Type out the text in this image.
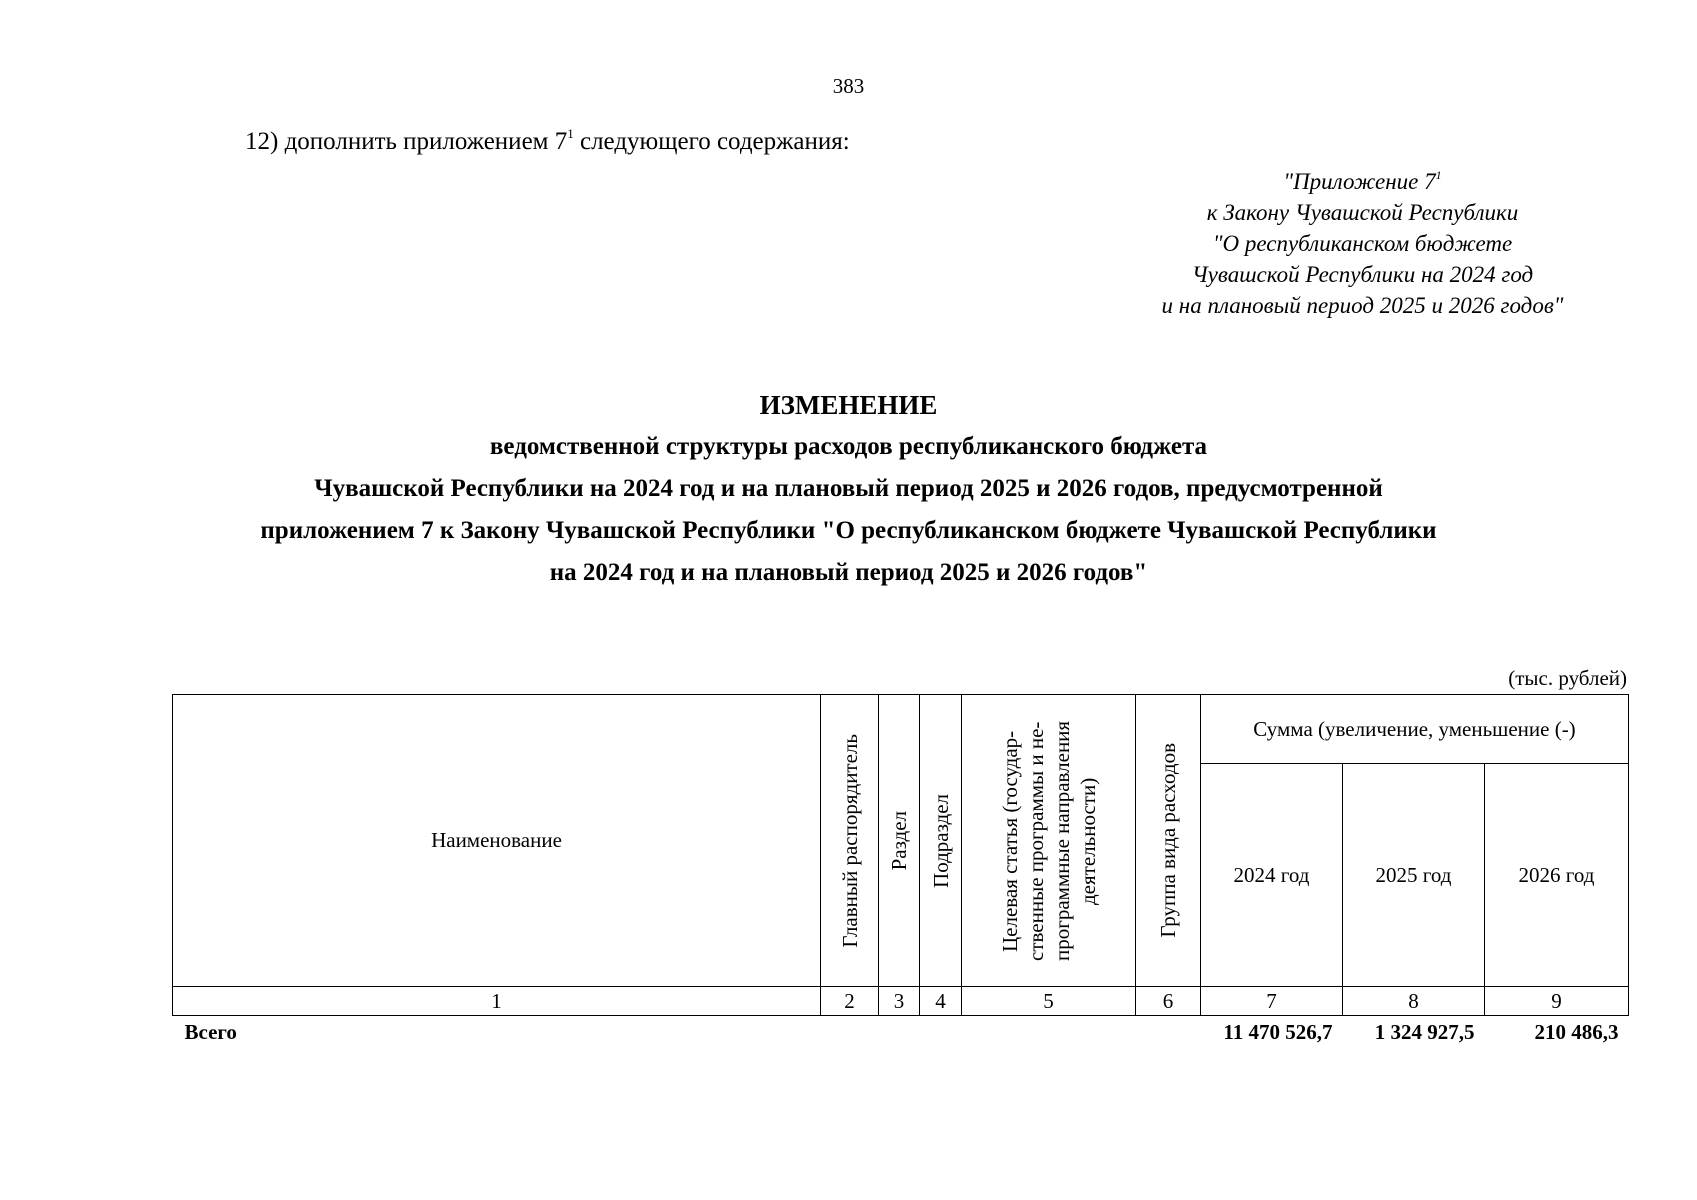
383
12) дополнить приложением $7^1$ следующего содержания:
"Приложение $7^1$
к Закону Чувашской Республики
"О республиканском бюджете
Чувашской Республики на 2024 год
и на плановый период 2025 и 2026 годов"
ИЗМЕНЕНИЕ
ведомственной структуры расходов республиканского бюджета
Чувашской Республики на 2024 год и на плановый период 2025 и 2026 годов, предусмотренной
приложением 7 к Закону Чувашской Республики "О республиканском бюджете Чувашской Республики
на 2024 год и на плановый период 2025 и 2026 годов"
(тыс. рублей)
Наименование	Главный распорядитель	Раздел	Подраздел	Целевая статья (государ-ственные программы и не-программные направления деятельности)	Группа вида расходов	Сумма (увеличение, уменьшение (-)		
						2024 год	2025 год	2026 год
1	2	3	4	5	6	7	8	9
Всего						11 470 526,7	1 324 927,5	210 486,3
